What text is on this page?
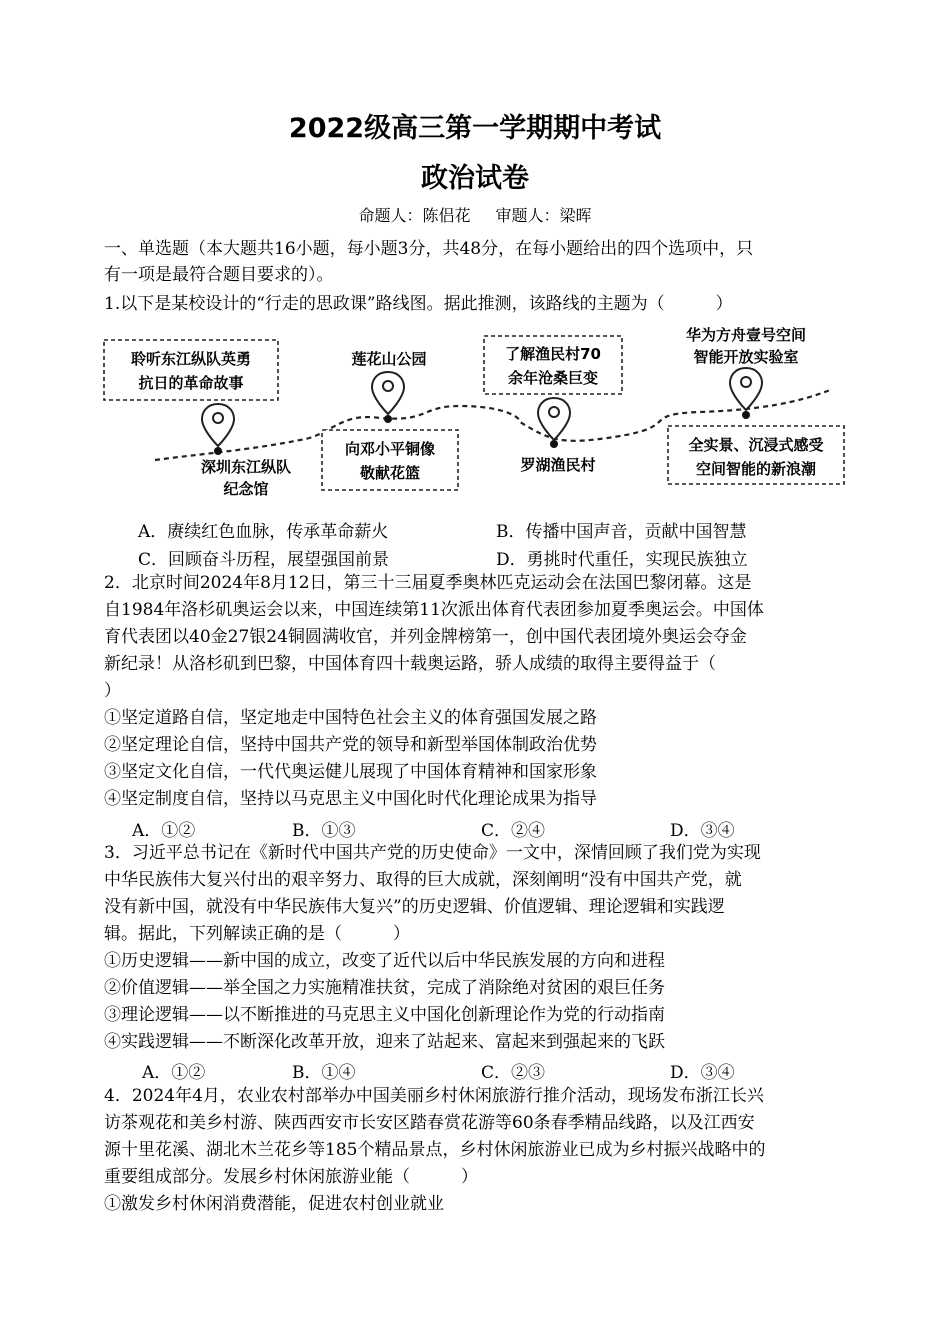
2022级高三第一学期期中考试
政治试卷
命题人：陈侣花 审题人：梁晖
一、单选题（本大题共16小题，每小题3分，共48分，在每小题给出的四个选项中，只
有一项是最符合题目要求的）。
1.以下是某校设计的“行走的思政课”路线图。据此推测，该路线的主题为（　　　）
聆听东江纵队英勇
抗日的革命故事
深圳东江纵队
纪念馆
莲花山公园
向邓小平铜像
敬献花篮
了解渔民村70
余年沧桑巨变
罗湖渔民村
华为方舟壹号空间
智能开放实验室
全实景、沉浸式感受
空间智能的新浪潮
A．赓续红色血脉，传承革命薪火	B．传播中国声音，贡献中国智慧
C．回顾奋斗历程，展望强国前景	D．勇挑时代重任，实现民族独立
2．北京时间2024年8月12日，第三十三届夏季奥林匹克运动会在法国巴黎闭幕。这是
自1984年洛杉矶奥运会以来，中国连续第11次派出体育代表团参加夏季奥运会。中国体
育代表团以40金27银24铜圆满收官，并列金牌榜第一，创中国代表团境外奥运会夺金
新纪录！从洛杉矶到巴黎，中国体育四十载奥运路，骄人成绩的取得主要得益于（
）
①坚定道路自信，坚定地走中国特色社会主义的体育强国发展之路
②坚定理论自信，坚持中国共产党的领导和新型举国体制政治优势
③坚定文化自信，一代代奥运健儿展现了中国体育精神和国家形象
④坚定制度自信，坚持以马克思主义中国化时代化理论成果为指导
A．①②	B．①③	C．②④	D．③④
3．习近平总书记在《新时代中国共产党的历史使命》一文中，深情回顾了我们党为实现
中华民族伟大复兴付出的艰辛努力、取得的巨大成就，深刻阐明“没有中国共产党，就
没有新中国，就没有中华民族伟大复兴”的历史逻辑、价值逻辑、理论逻辑和实践逻
辑。据此，下列解读正确的是（　　　）
①历史逻辑——新中国的成立，改变了近代以后中华民族发展的方向和进程
②价值逻辑——举全国之力实施精准扶贫，完成了消除绝对贫困的艰巨任务
③理论逻辑——以不断推进的马克思主义中国化创新理论作为党的行动指南
④实践逻辑——不断深化改革开放，迎来了站起来、富起来到强起来的飞跃
A．①②	B．①④	C．②③	D．③④
4．2024年4月，农业农村部举办中国美丽乡村休闲旅游行推介活动，现场发布浙江长兴
访茶观花和美乡村游、陕西西安市长安区踏春赏花游等60条春季精品线路，以及江西安
源十里花溪、湖北木兰花乡等185个精品景点，乡村休闲旅游业已成为乡村振兴战略中的
重要组成部分。发展乡村休闲旅游业能（　　　）
①激发乡村休闲消费潜能，促进农村创业就业
